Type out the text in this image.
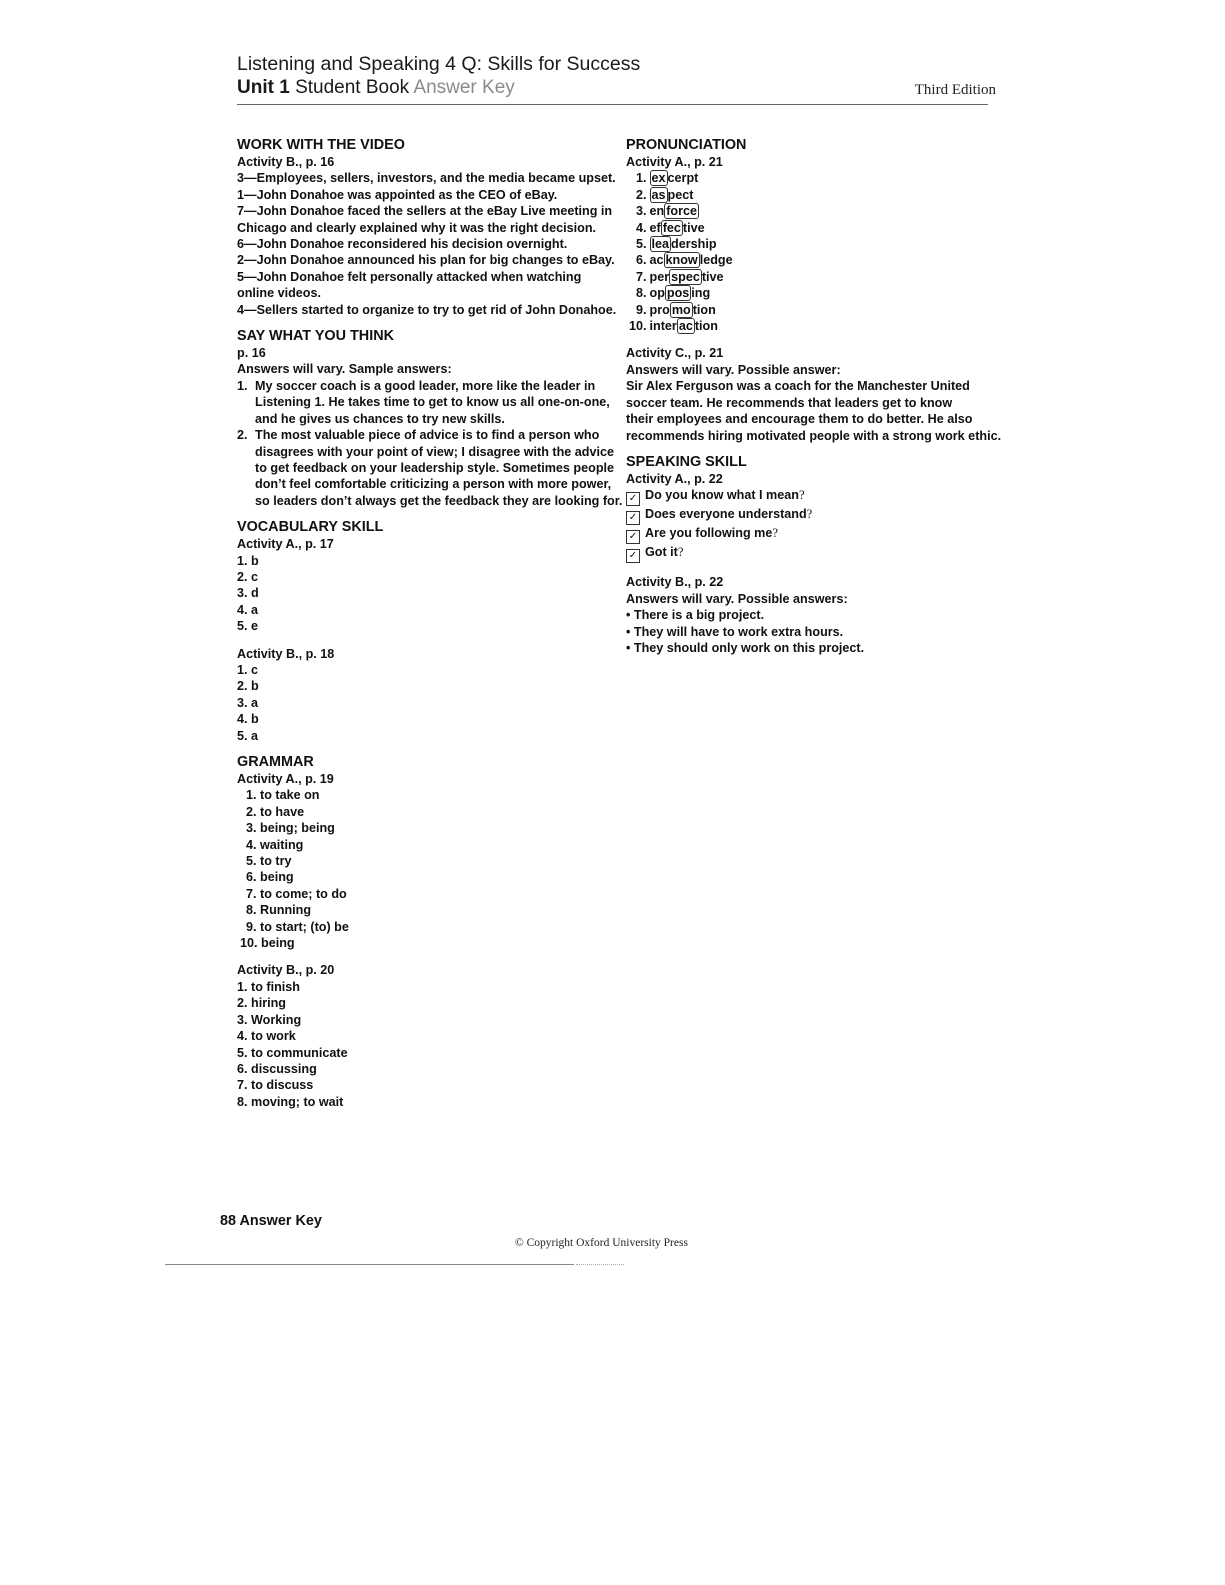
Listening and Speaking 4 Q: Skills for Success
Unit 1 Student Book Answer Key	Third Edition
WORK WITH THE VIDEO
Activity B., p. 16
3—Employees, sellers, investors, and the media became upset.
1—John Donahoe was appointed as the CEO of eBay.
7—John Donahoe faced the sellers at the eBay Live meeting in
Chicago and clearly explained why it was the right decision.
6—John Donahoe reconsidered his decision overnight.
2—John Donahoe announced his plan for big changes to eBay.
5—John Donahoe felt personally attacked when watching
online videos.
4—Sellers started to organize to try to get rid of John Donahoe.
SAY WHAT YOU THINK
p. 16
Answers will vary. Sample answers:
1. My soccer coach is a good leader, more like the leader in Listening 1. He takes time to get to know us all one-on-one, and he gives us chances to try new skills.
2. The most valuable piece of advice is to find a person who disagrees with your point of view; I disagree with the advice to get feedback on your leadership style. Sometimes people don’t feel comfortable criticizing a person with more power, so leaders don’t always get the feedback they are looking for.
VOCABULARY SKILL
Activity A., p. 17
1. b
2. c
3. d
4. a
5. e
Activity B., p. 18
1. c
2. b
3. a
4. b
5. a
GRAMMAR
Activity A., p. 19
1. to take on
2. to have
3. being; being
4. waiting
5. to try
6. being
7. to come; to do
8. Running
9. to start; (to) be
10. being
Activity B., p. 20
1. to finish
2. hiring
3. Working
4. to work
5. to communicate
6. discussing
7. to discuss
8. moving; to wait
PRONUNCIATION
Activity A., p. 21
1. ex cerpt
2. as pect
3. en force
4. ef fec tive
5. lea dership
6. ac know ledge
7. per spec tive
8. op pos ing
9. pro mo tion
10. inter ac tion
Activity C., p. 21
Answers will vary. Possible answer:
Sir Alex Ferguson was a coach for the Manchester United
soccer team. He recommends that leaders get to know
their employees and encourage them to do better. He also
recommends hiring motivated people with a strong work ethic.
SPEAKING SKILL
Activity A., p. 22
✓ Do you know what I mean?
✓ Does everyone understand?
✓ Are you following me?
✓ Got it?
Activity B., p. 22
Answers will vary. Possible answers:
• There is a big project.
• They will have to work extra hours.
• They should only work on this project.
88 Answer Key
© Copyright Oxford University Press
